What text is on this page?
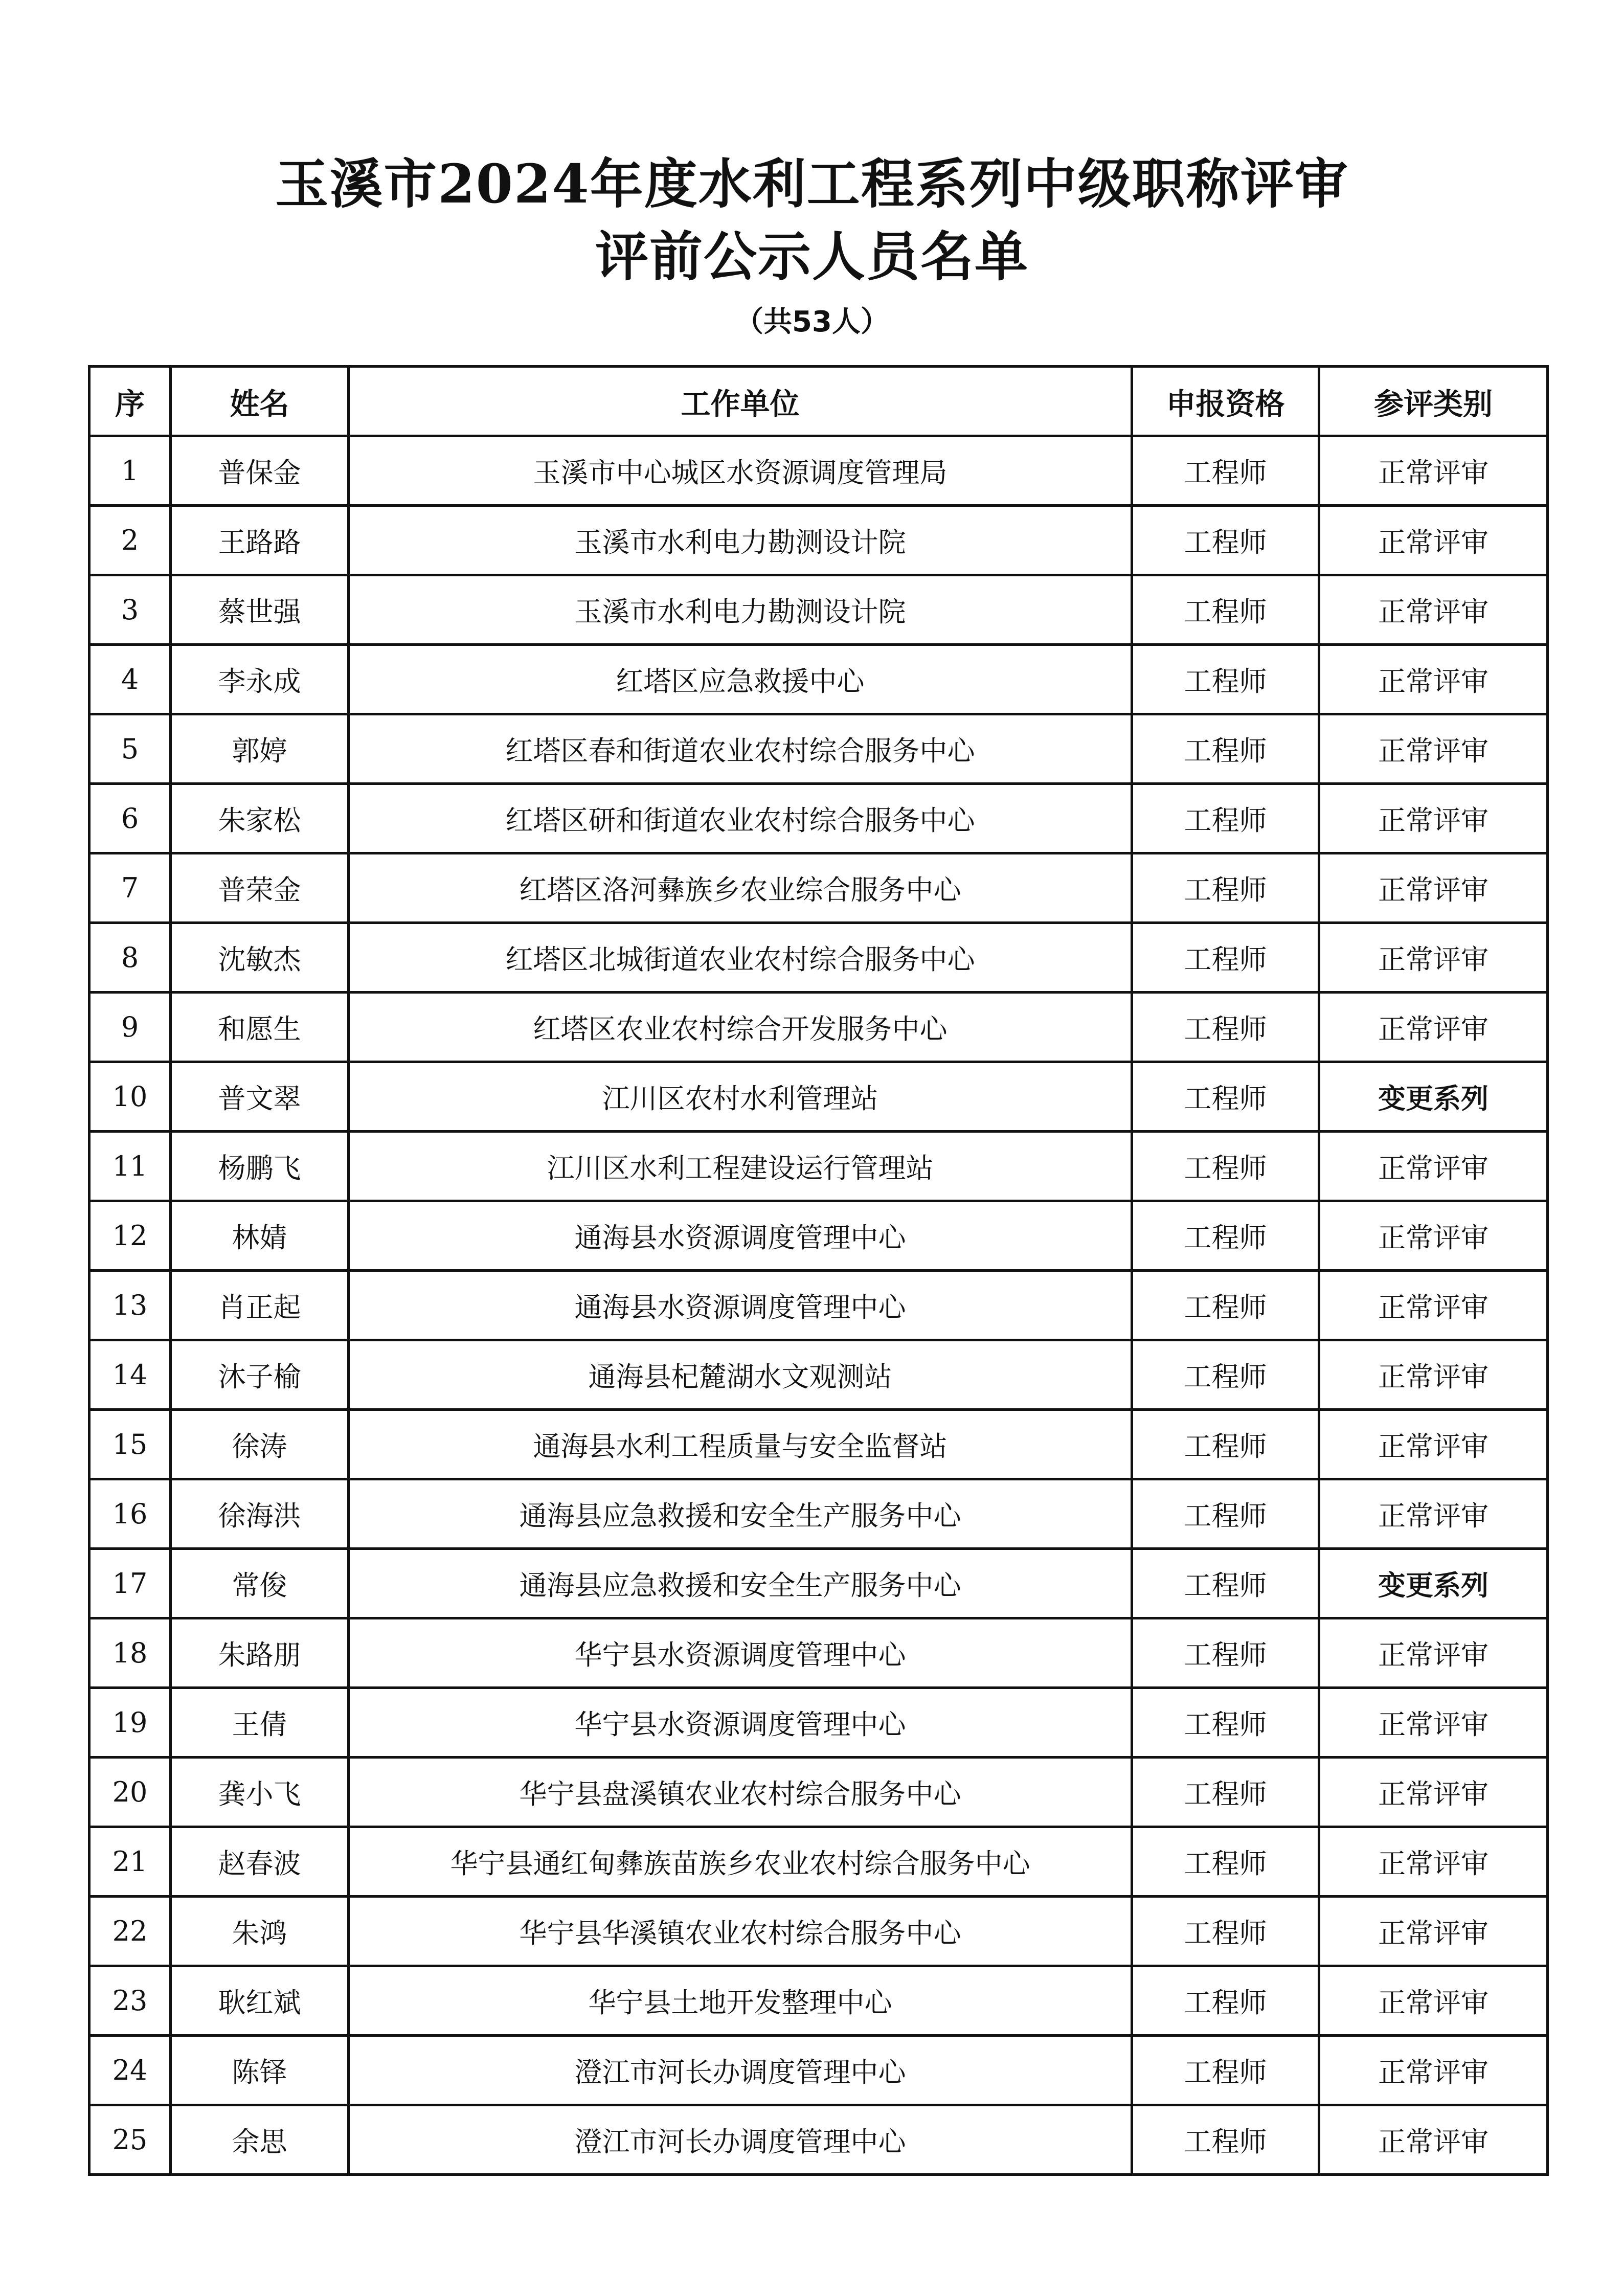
玉溪市2024年度水利工程系列中级职称评审
评前公示人员名单
（共53人）
序	姓名	工作单位	申报资格	参评类别
1	普保金	玉溪市中心城区水资源调度管理局	工程师	正常评审
2	王路路	玉溪市水利电力勘测设计院	工程师	正常评审
3	蔡世强	玉溪市水利电力勘测设计院	工程师	正常评审
4	李永成	红塔区应急救援中心	工程师	正常评审
5	郭婷	红塔区春和街道农业农村综合服务中心	工程师	正常评审
6	朱家松	红塔区研和街道农业农村综合服务中心	工程师	正常评审
7	普荣金	红塔区洛河彝族乡农业综合服务中心	工程师	正常评审
8	沈敏杰	红塔区北城街道农业农村综合服务中心	工程师	正常评审
9	和愿生	红塔区农业农村综合开发服务中心	工程师	正常评审
10	普文翠	江川区农村水利管理站	工程师	变更系列
11	杨鹏飞	江川区水利工程建设运行管理站	工程师	正常评审
12	林婧	通海县水资源调度管理中心	工程师	正常评审
13	肖正起	通海县水资源调度管理中心	工程师	正常评审
14	沐子榆	通海县杞麓湖水文观测站	工程师	正常评审
15	徐涛	通海县水利工程质量与安全监督站	工程师	正常评审
16	徐海洪	通海县应急救援和安全生产服务中心	工程师	正常评审
17	常俊	通海县应急救援和安全生产服务中心	工程师	变更系列
18	朱路朋	华宁县水资源调度管理中心	工程师	正常评审
19	王倩	华宁县水资源调度管理中心	工程师	正常评审
20	龚小飞	华宁县盘溪镇农业农村综合服务中心	工程师	正常评审
21	赵春波	华宁县通红甸彝族苗族乡农业农村综合服务中心	工程师	正常评审
22	朱鸿	华宁县华溪镇农业农村综合服务中心	工程师	正常评审
23	耿红斌	华宁县土地开发整理中心	工程师	正常评审
24	陈铎	澄江市河长办调度管理中心	工程师	正常评审
25	余思	澄江市河长办调度管理中心	工程师	正常评审
